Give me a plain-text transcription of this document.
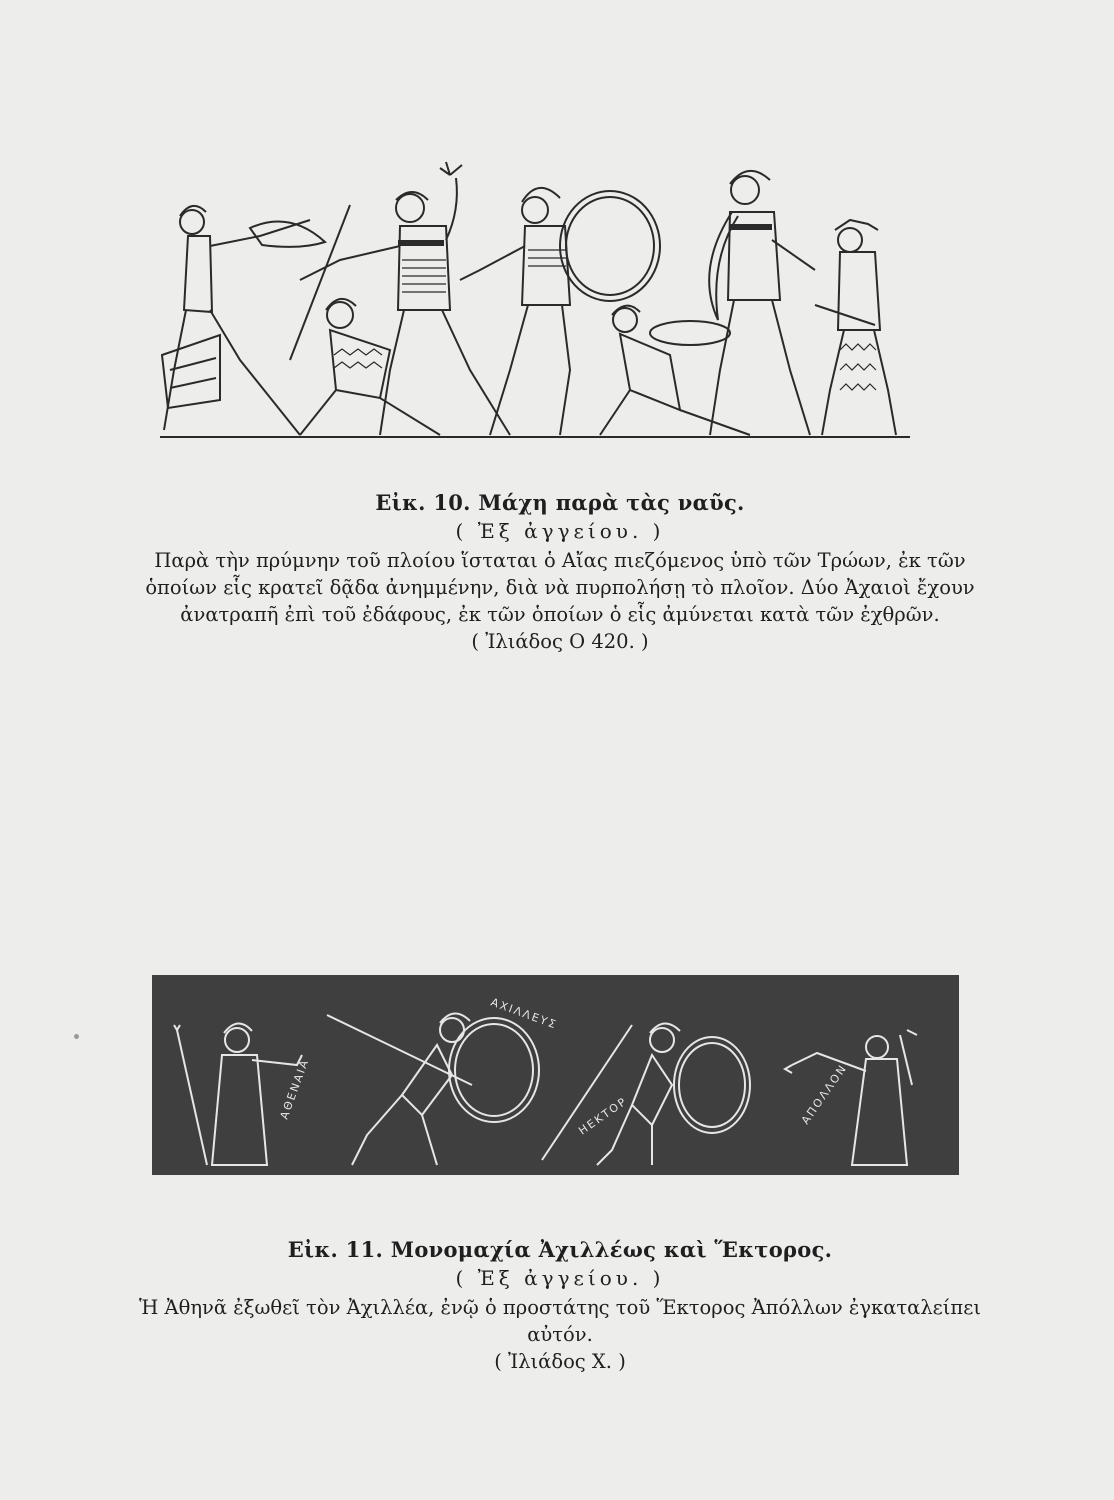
Εἰκ. 10. Μάχη παρὰ τὰς ναῦς.
( Ἐξ ἀγγείου. )
Παρὰ τὴν πρύμνην τοῦ πλοίου ἵσταται ὁ Αἴας πιεζόμενος ὑπὸ τῶν Τρώων, ἐκ τῶν ὁποίων εἷς κρατεῖ δᾷδα ἀνημμένην, διὰ νὰ πυρπολήσῃ τὸ πλοῖον. Δύο Ἀχαιοὶ ἔχουν ἀνατραπῆ ἐπὶ τοῦ ἐδάφους, ἐκ τῶν ὁποίων ὁ εἷς ἀμύνεται κατὰ τῶν ἐχθρῶν.
( Ἰλιάδος Ο 420. )
ΑΘΕΝΑΙΑ
ΑΧΙΛΛΕΥΣ
ΗΕΚΤΟΡ	ΑΠΟΛΛΟΝ
Εἰκ. 11. Μονομαχία Ἀχιλλέως καὶ Ἕκτορος.
( Ἐξ ἀγγείου. )
Ἡ Ἀθηνᾶ ἐξωθεῖ τὸν Ἀχιλλέα, ἐνῷ ὁ προστάτης τοῦ Ἕκτορος Ἀπόλλων ἐγκαταλείπει αὐτόν.
( Ἰλιάδος Χ. )
